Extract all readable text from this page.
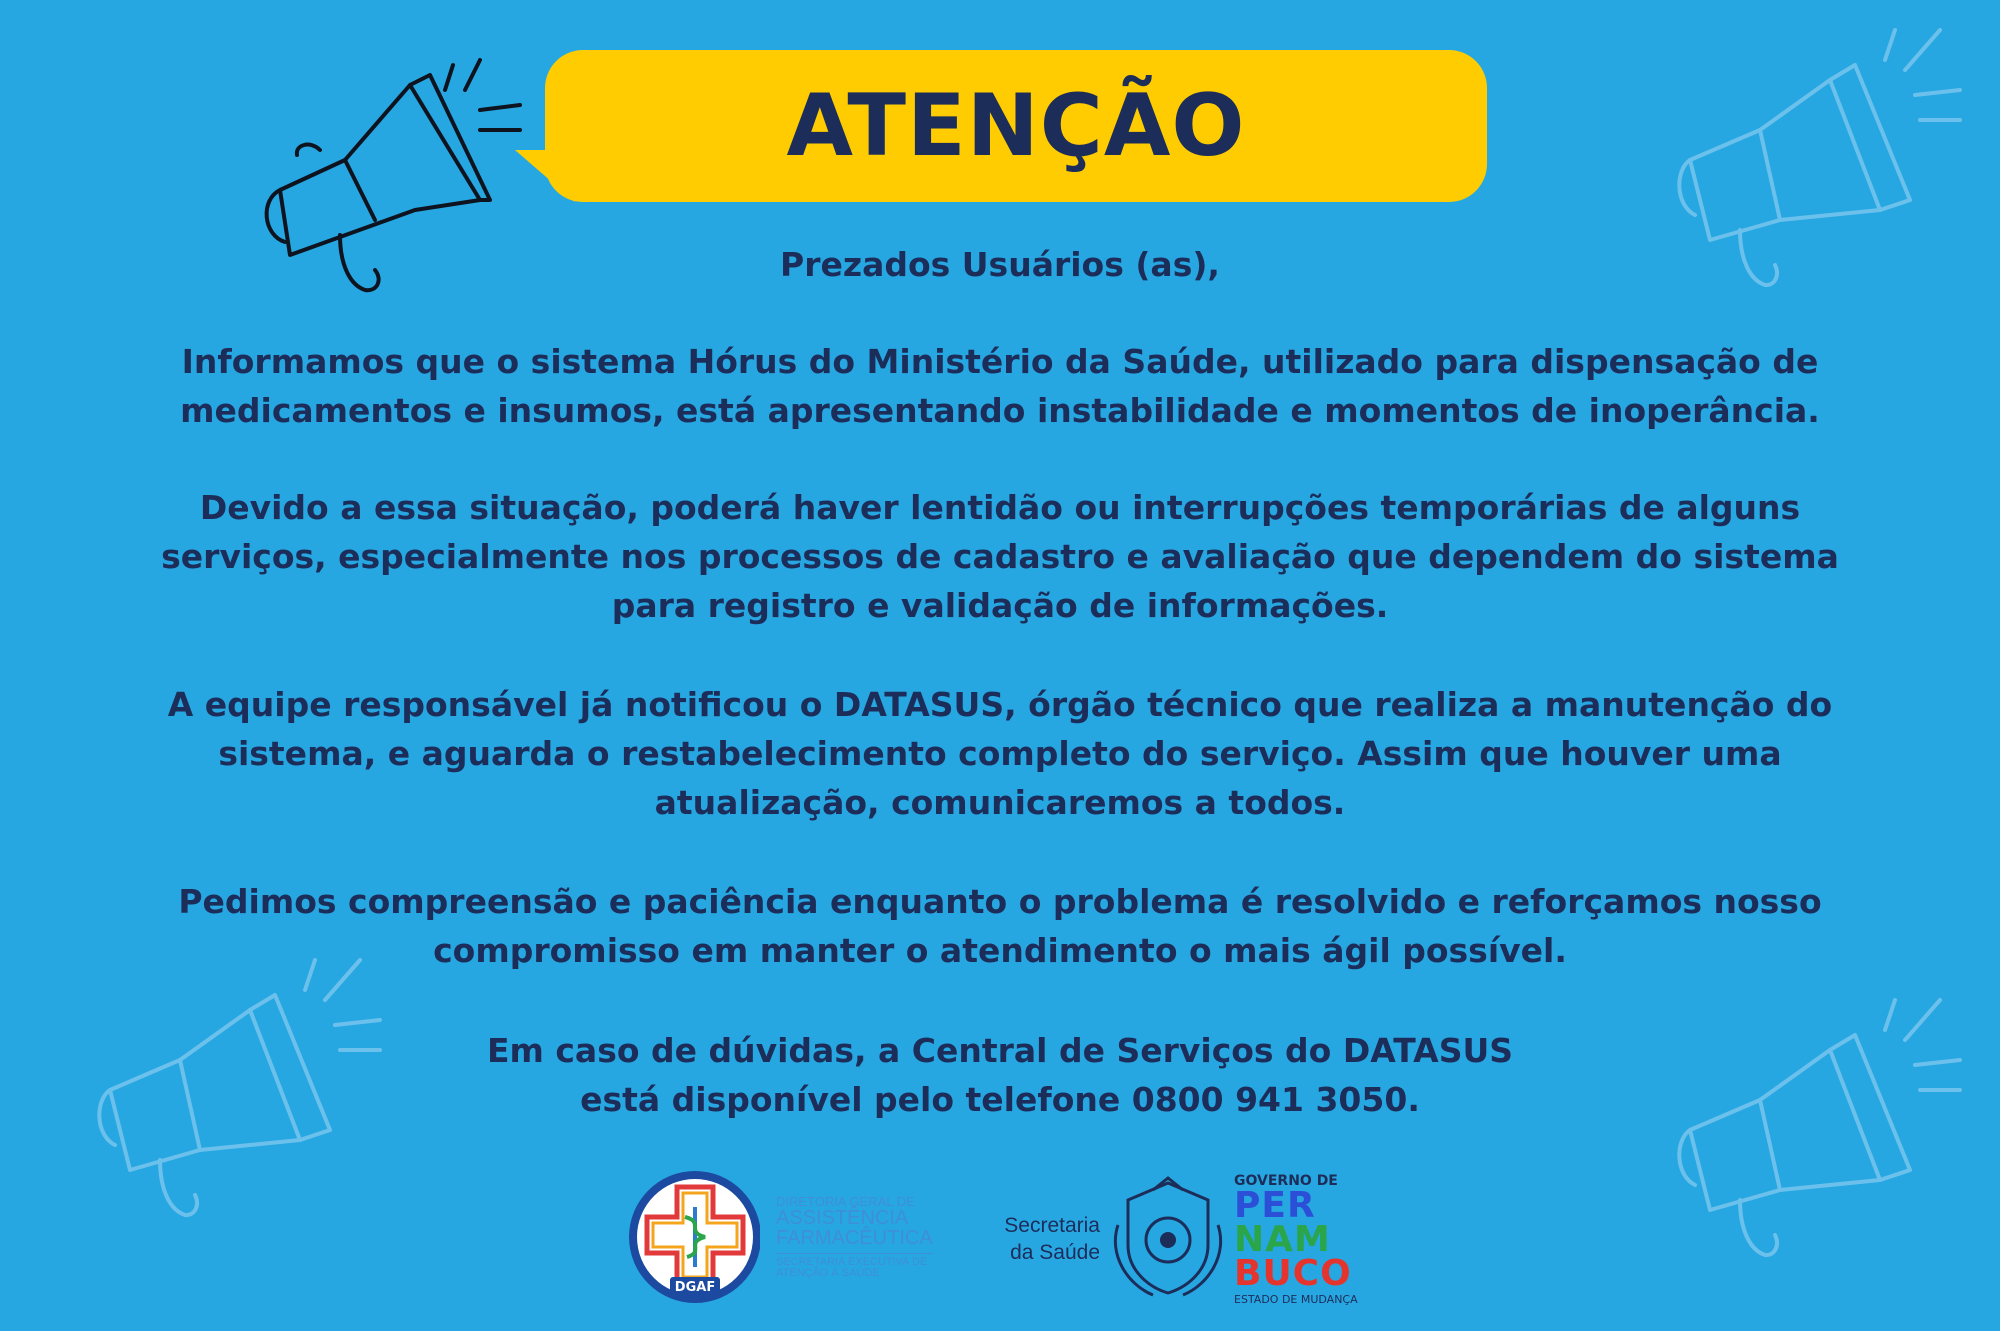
ATENÇÃO
Prezados Usuários (as),
Informamos que o sistema Hórus do Ministério da Saúde, utilizado para dispensação de
medicamentos e insumos, está apresentando instabilidade e momentos de inoperância.
Devido a essa situação, poderá haver lentidão ou interrupções temporárias de alguns
serviços, especialmente nos processos de cadastro e avaliação que dependem do sistema
para registro e validação de informações.
A equipe responsável já notificou o DATASUS, órgão técnico que realiza a manutenção do
sistema, e aguarda o restabelecimento completo do serviço. Assim que houver uma
atualização, comunicaremos a todos.
Pedimos compreensão e paciência enquanto o problema é resolvido e reforçamos nosso
compromisso em manter o atendimento o mais ágil possível.
Em caso de dúvidas, a Central de Serviços do DATASUS
está disponível pelo telefone 0800 941 3050.
DGAF
DIRETORIA GERAL DE
ASSISTÊNCIA
FARMACÊUTICA
SECRETARIA EXECUTIVA DE
ATENÇÃO À SAÚDE
Secretaria
da Saúde
GOVERNO DE
PER
NAM
BUCO
ESTADO DE MUDANÇA
